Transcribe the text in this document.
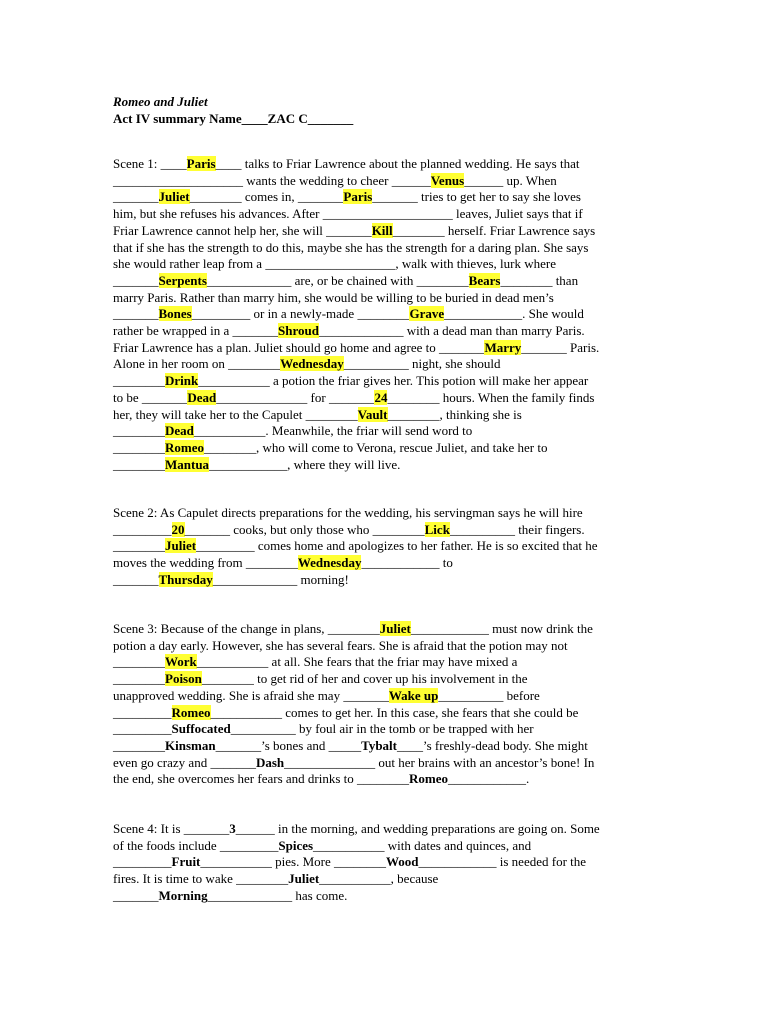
Romeo and Juliet
Act IV summary Name____ZAC C_______

Scene 1: ____Paris____ talks to Friar Lawrence about the planned wedding. He says that
____________________ wants the wedding to cheer ______Venus______ up. When
_______Juliet________ comes in, _______Paris_______ tries to get her to say she loves
him, but she refuses his advances. After ____________________ leaves, Juliet says that if
Friar Lawrence cannot help her, she will _______Kill________ herself. Friar Lawrence says
that if she has the strength to do this, maybe she has the strength for a daring plan. She says
she would rather leap from a ____________________, walk with thieves, lurk where
_______Serpents_____________ are, or be chained with ________Bears________ than
marry Paris. Rather than marry him, she would be willing to be buried in dead men’s
_______Bones_________ or in a newly-made ________Grave____________. She would
rather be wrapped in a _______Shroud_____________ with a dead man than marry Paris.
Friar Lawrence has a plan. Juliet should go home and agree to _______Marry_______ Paris.
Alone in her room on ________Wednesday__________ night, she should
________Drink___________ a potion the friar gives her. This potion will make her appear
to be _______Dead______________ for _______24________ hours. When the family finds
her, they will take her to the Capulet ________Vault________, thinking she is
________Dead___________. Meanwhile, the friar will send word to
________Romeo________, who will come to Verona, rescue Juliet, and take her to
________Mantua____________, where they will live.

Scene 2: As Capulet directs preparations for the wedding, his servingman says he will hire
_________20_______ cooks, but only those who ________Lick__________ their fingers.
________Juliet_________ comes home and apologizes to her father. He is so excited that he
moves the wedding from ________Wednesday____________ to
_______Thursday_____________ morning!

Scene 3: Because of the change in plans, ________Juliet____________ must now drink the
potion a day early. However, she has several fears. She is afraid that the potion may not
________Work___________ at all. She fears that the friar may have mixed a
________Poison________ to get rid of her and cover up his involvement in the
unapproved wedding. She is afraid she may _______Wake up__________ before
_________Romeo___________ comes to get her. In this case, she fears that she could be
_________Suffocated__________ by foul air in the tomb or be trapped with her
________Kinsman_______’s bones and _____Tybalt____’s freshly-dead body. She might
even go crazy and _______Dash______________ out her brains with an ancestor’s bone! In
the end, she overcomes her fears and drinks to ________Romeo____________.

Scene 4: It is _______3______ in the morning, and wedding preparations are going on. Some
of the foods include _________Spices___________ with dates and quinces, and
_________Fruit___________ pies. More ________Wood____________ is needed for the
fires. It is time to wake ________Juliet___________, because
_______Morning_____________ has come.
